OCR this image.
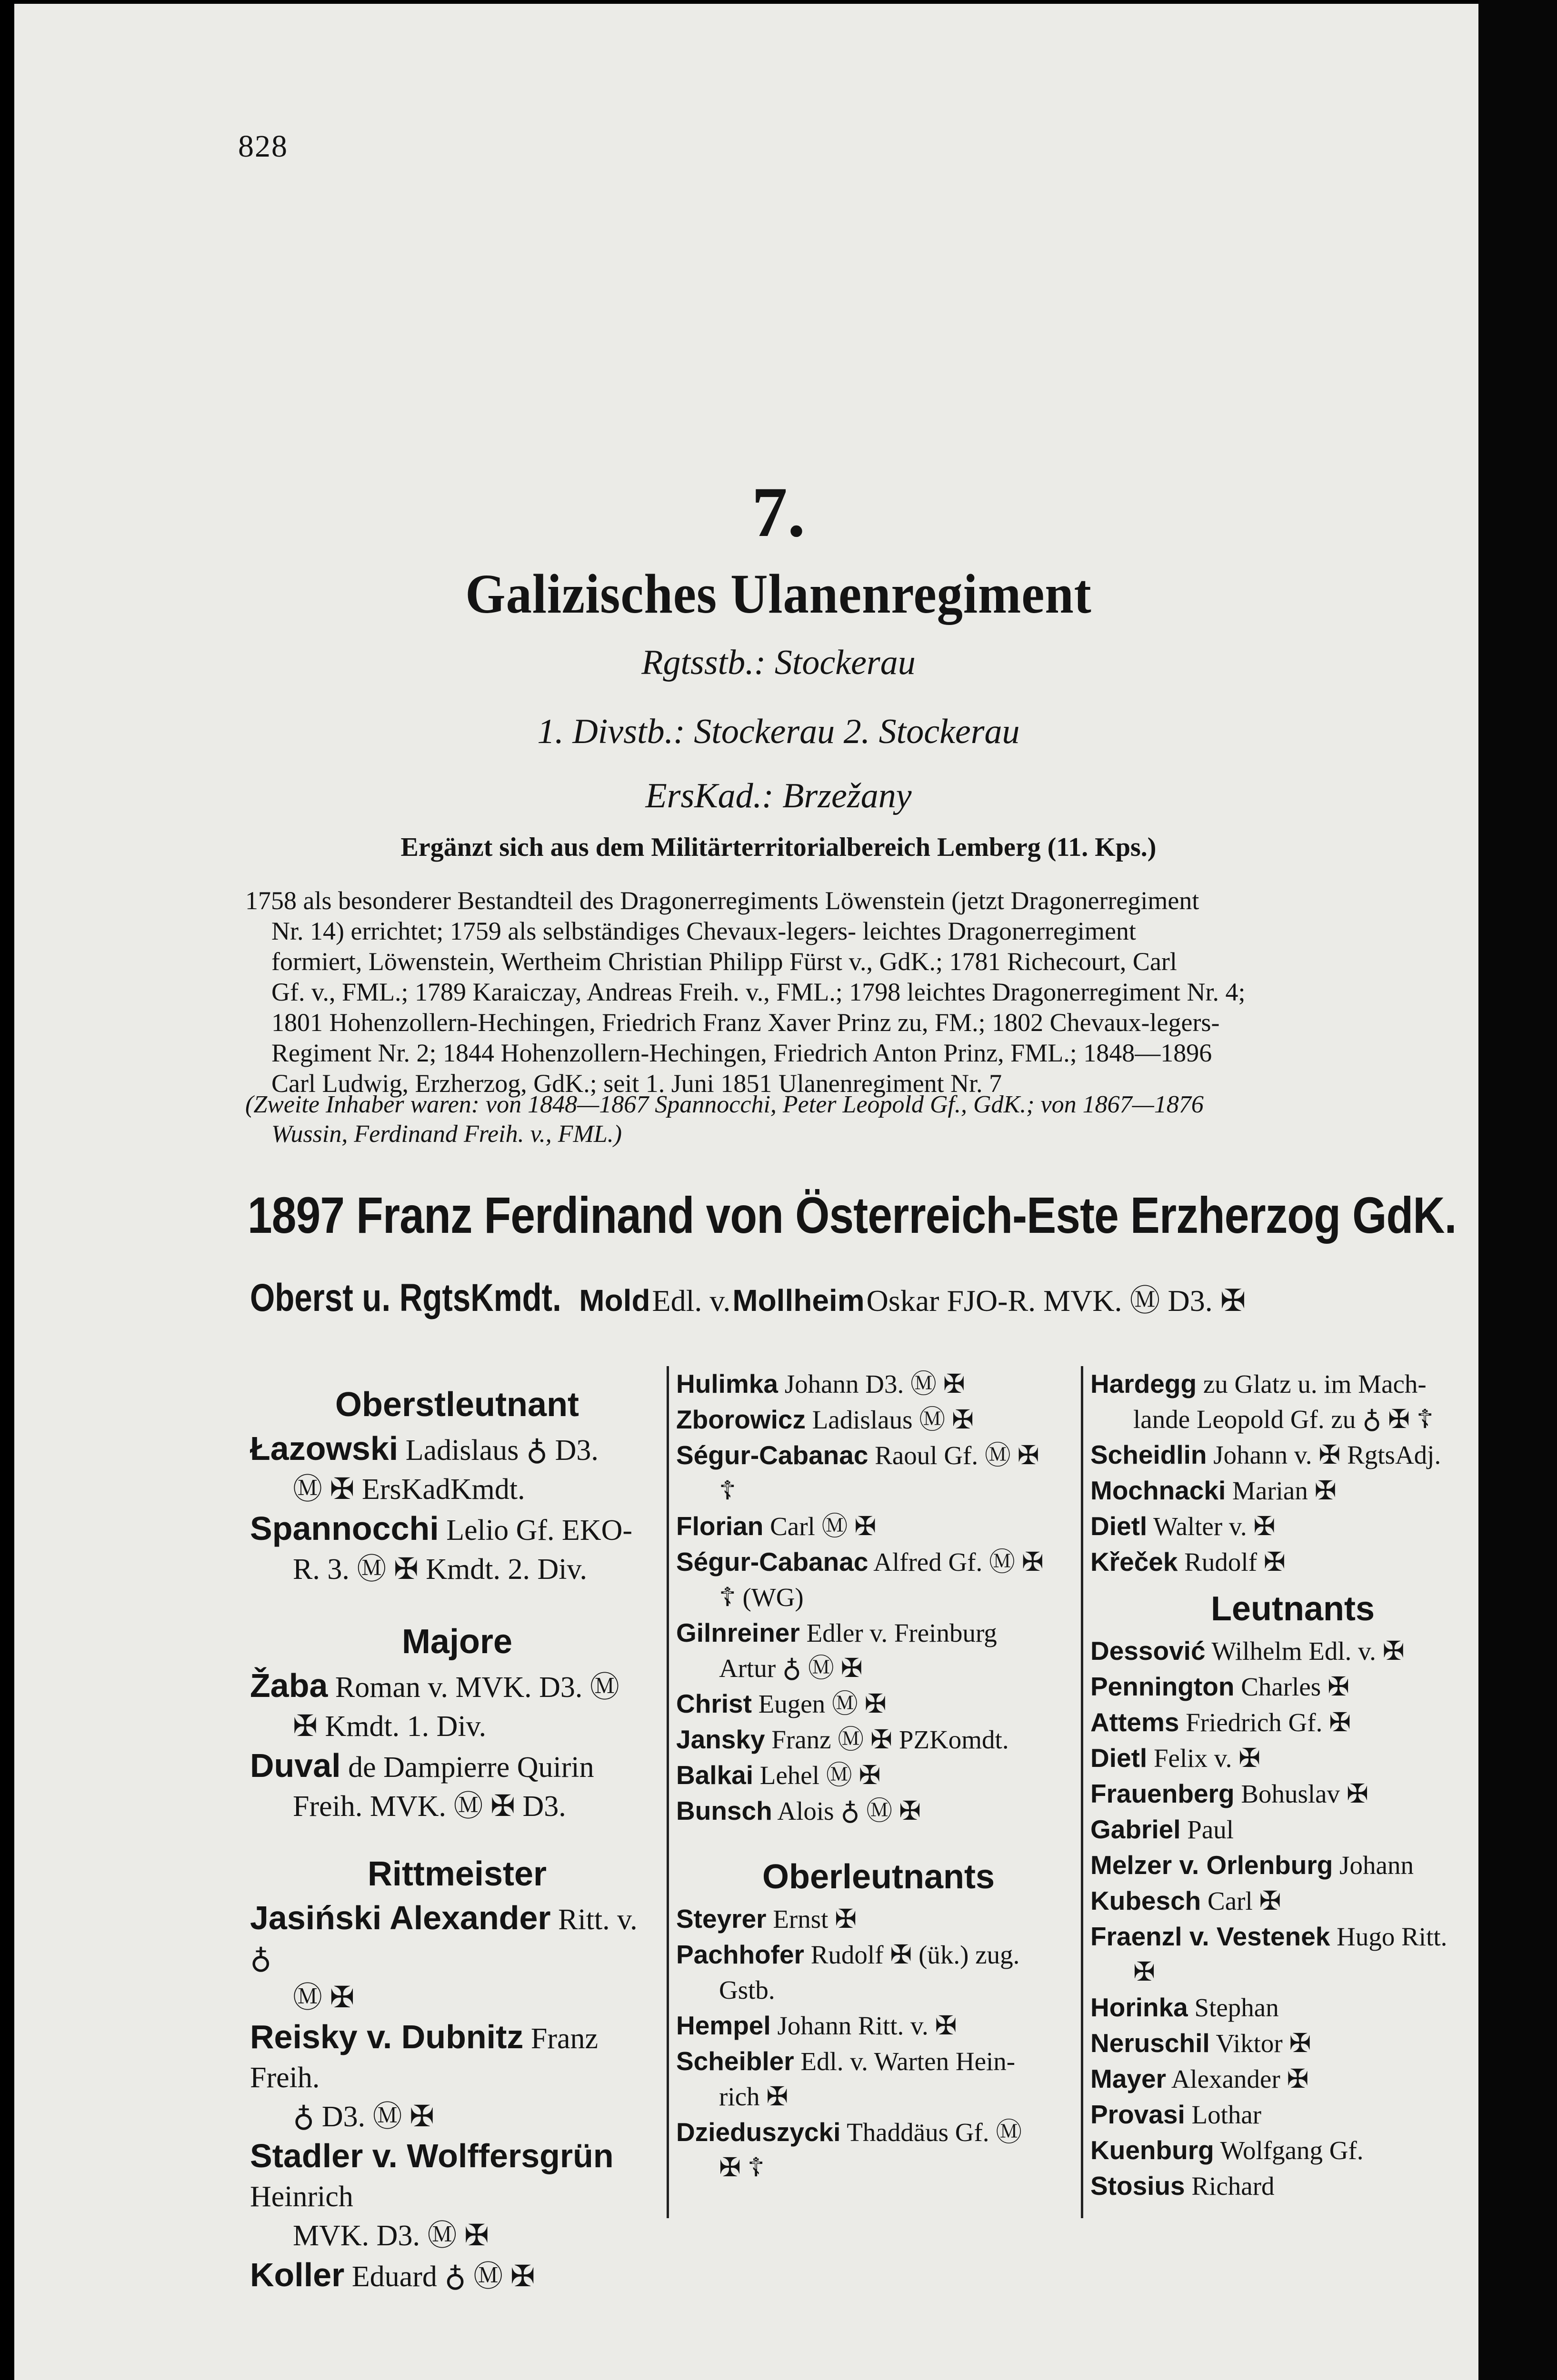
828
7.
Galizisches Ulanenregiment
Rgtsstb.: Stockerau
1. Divstb.: Stockerau 2. Stockerau
ErsKad.: Brzežany
Ergänzt sich aus dem Militärterritorialbereich Lemberg (11. Kps.)
1758 als besonderer Bestandteil des Dragonerregiments Löwenstein (jetzt Dragonerregiment
Nr. 14) errichtet; 1759 als selbständiges Chevaux-legers- leichtes Dragonerregiment
formiert, Löwenstein, Wertheim Christian Philipp Fürst v., GdK.; 1781 Richecourt, Carl
Gf. v., FML.; 1789 Karaiczay, Andreas Freih. v., FML.; 1798 leichtes Dragonerregiment Nr. 4;
1801 Hohenzollern-Hechingen, Friedrich Franz Xaver Prinz zu, FM.; 1802 Chevaux-legers-
Regiment Nr. 2; 1844 Hohenzollern-Hechingen, Friedrich Anton Prinz, FML.; 1848—1896
Carl Ludwig, Erzherzog, GdK.; seit 1. Juni 1851 Ulanenregiment Nr. 7
(Zweite Inhaber waren: von 1848—1867 Spannocchi, Peter Leopold Gf., GdK.; von 1867—1876
Wussin, Ferdinand Freih. v., FML.)
1897 Franz Ferdinand von Österreich-Este Erzherzog GdK.
Oberst u. RgtsKmdt. Mold Edl. v. Mollheim Oskar FJO-R. MVK. Ⓜ D3. ✠
Oberstleutnant
Łazowski Ladislaus ♁ D3.
Ⓜ ✠ ErsKadKmdt.
Spannocchi Lelio Gf. EKO-
R. 3. Ⓜ ✠ Kmdt. 2. Div.
Majore
Žaba Roman v. MVK. D3. Ⓜ
✠ Kmdt. 1. Div.
Duval de Dampierre Quirin
Freih. MVK. Ⓜ ✠ D3.
Rittmeister
Jasiński Alexander Ritt. v. ♁
Ⓜ ✠
Reisky v. Dubnitz Franz Freih.
♁ D3. Ⓜ ✠
Stadler v. Wolffersgrün Heinrich
MVK. D3. Ⓜ ✠
Koller Eduard ♁ Ⓜ ✠
Hulimka Johann D3. Ⓜ ✠
Zborowicz Ladislaus Ⓜ ✠
Ségur-Cabanac Raoul Gf. Ⓜ ✠
☦
Florian Carl Ⓜ ✠
Ségur-Cabanac Alfred Gf. Ⓜ ✠
☦ (WG)
Gilnreiner Edler v. Freinburg
Artur ♁ Ⓜ ✠
Christ Eugen Ⓜ ✠
Jansky Franz Ⓜ ✠ PZKomdt.
Balkai Lehel Ⓜ ✠
Bunsch Alois ♁ Ⓜ ✠
Oberleutnants
Steyrer Ernst ✠
Pachhofer Rudolf ✠ (ük.) zug.
Gstb.
Hempel Johann Ritt. v. ✠
Scheibler Edl. v. Warten Hein-
rich ✠
Dzieduszycki Thaddäus Gf. Ⓜ
✠ ☦
Hardegg zu Glatz u. im Mach-
lande Leopold Gf. zu ♁ ✠ ☦
Scheidlin Johann v. ✠ RgtsAdj.
Mochnacki Marian ✠
Dietl Walter v. ✠
Křeček Rudolf ✠
Leutnants
Dessović Wilhelm Edl. v. ✠
Pennington Charles ✠
Attems Friedrich Gf. ✠
Dietl Felix v. ✠
Frauenberg Bohuslav ✠
Gabriel Paul
Melzer v. Orlenburg Johann
Kubesch Carl ✠
Fraenzl v. Vestenek Hugo Ritt.
✠
Horinka Stephan
Neruschil Viktor ✠
Mayer Alexander ✠
Provasi Lothar
Kuenburg Wolfgang Gf.
Stosius Richard
